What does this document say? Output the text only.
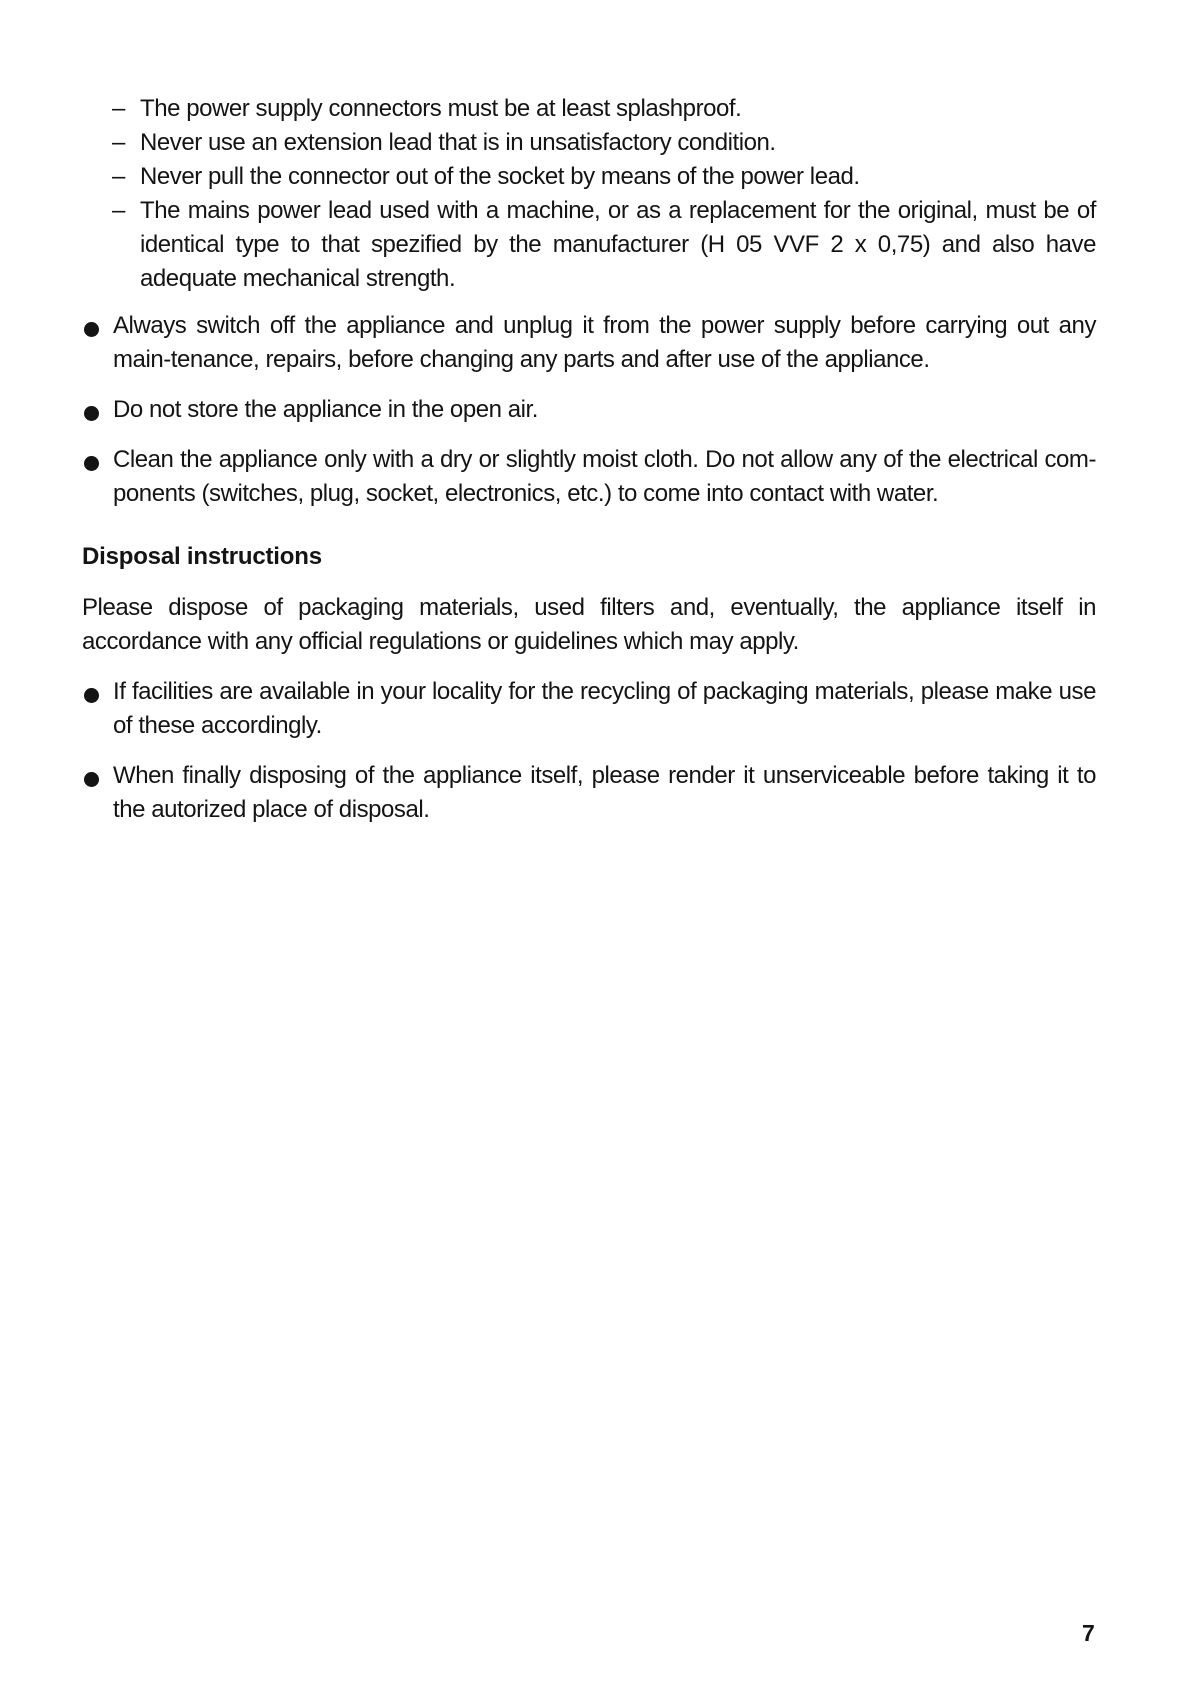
– The power supply connectors must be at least splashproof.
– Never use an extension lead that is in unsatisfactory condition.
– Never pull the connector out of the socket by means of the power lead.
– The mains power lead used with a machine, or as a replacement for the original, must be of identical type to that spezified by the manufacturer (H 05 VVF 2 x 0,75) and also have adequate mechanical strength.
Always switch off the appliance and unplug it from the power supply before carrying out any main-tenance, repairs, before changing any parts and after use of the appliance.
Do not store the appliance in the open air.
Clean the appliance only with a dry or slightly moist cloth. Do not allow any of the electrical com-ponents (switches, plug, socket, electronics, etc.) to come into contact with water.
Disposal instructions
Please dispose of packaging materials, used filters and, eventually, the appliance itself in accordance with any official regulations or guidelines which may apply.
If facilities are available in your locality for the recycling of packaging materials, please make use of these accordingly.
When finally disposing of the appliance itself, please render it unserviceable before taking it to the autorized place of disposal.
7
